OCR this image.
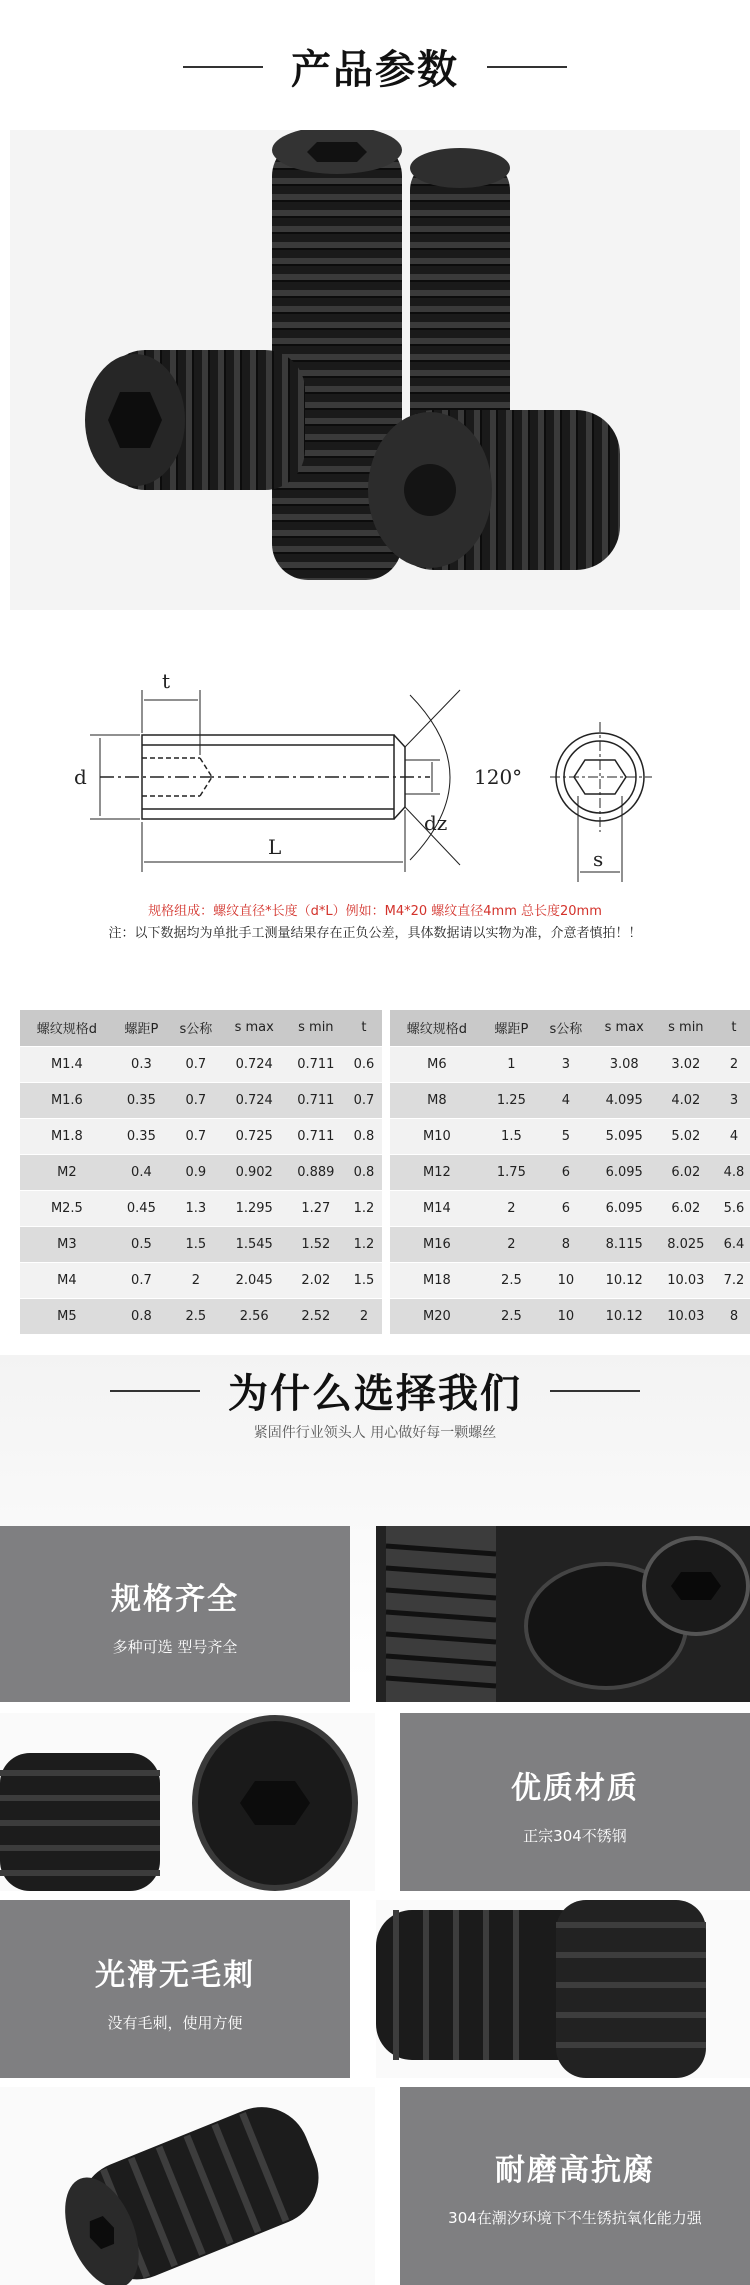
产品参数
t
d
L
120°
dz
s
规格组成：螺纹直径*长度（d*L）例如：M4*20 螺纹直径4mm 总长度20mm
注：以下数据均为单批手工测量结果存在正负公差，具体数据请以实物为准，介意者慎拍！！
螺纹规格d	螺距P	s公称	s max	s min	t
M1.4	0.3	0.7	0.724	0.711	0.6
M1.6	0.35	0.7	0.724	0.711	0.7
M1.8	0.35	0.7	0.725	0.711	0.8
M2	0.4	0.9	0.902	0.889	0.8
M2.5	0.45	1.3	1.295	1.27	1.2
M3	0.5	1.5	1.545	1.52	1.2
M4	0.7	2	2.045	2.02	1.5
M5	0.8	2.5	2.56	2.52	2
螺纹规格d	螺距P	s公称	s max	s min	t
M6	1	3	3.08	3.02	2
M8	1.25	4	4.095	4.02	3
M10	1.5	5	5.095	5.02	4
M12	1.75	6	6.095	6.02	4.8
M14	2	6	6.095	6.02	5.6
M16	2	8	8.115	8.025	6.4
M18	2.5	10	10.12	10.03	7.2
M20	2.5	10	10.12	10.03	8
为什么选择我们
紧固件行业领头人 用心做好每一颗螺丝
规格齐全
多种可选 型号齐全
优质材质
正宗304不锈钢
光滑无毛刺
没有毛刺，使用方便
耐磨高抗腐
304在潮汐环境下不生锈抗氧化能力强
